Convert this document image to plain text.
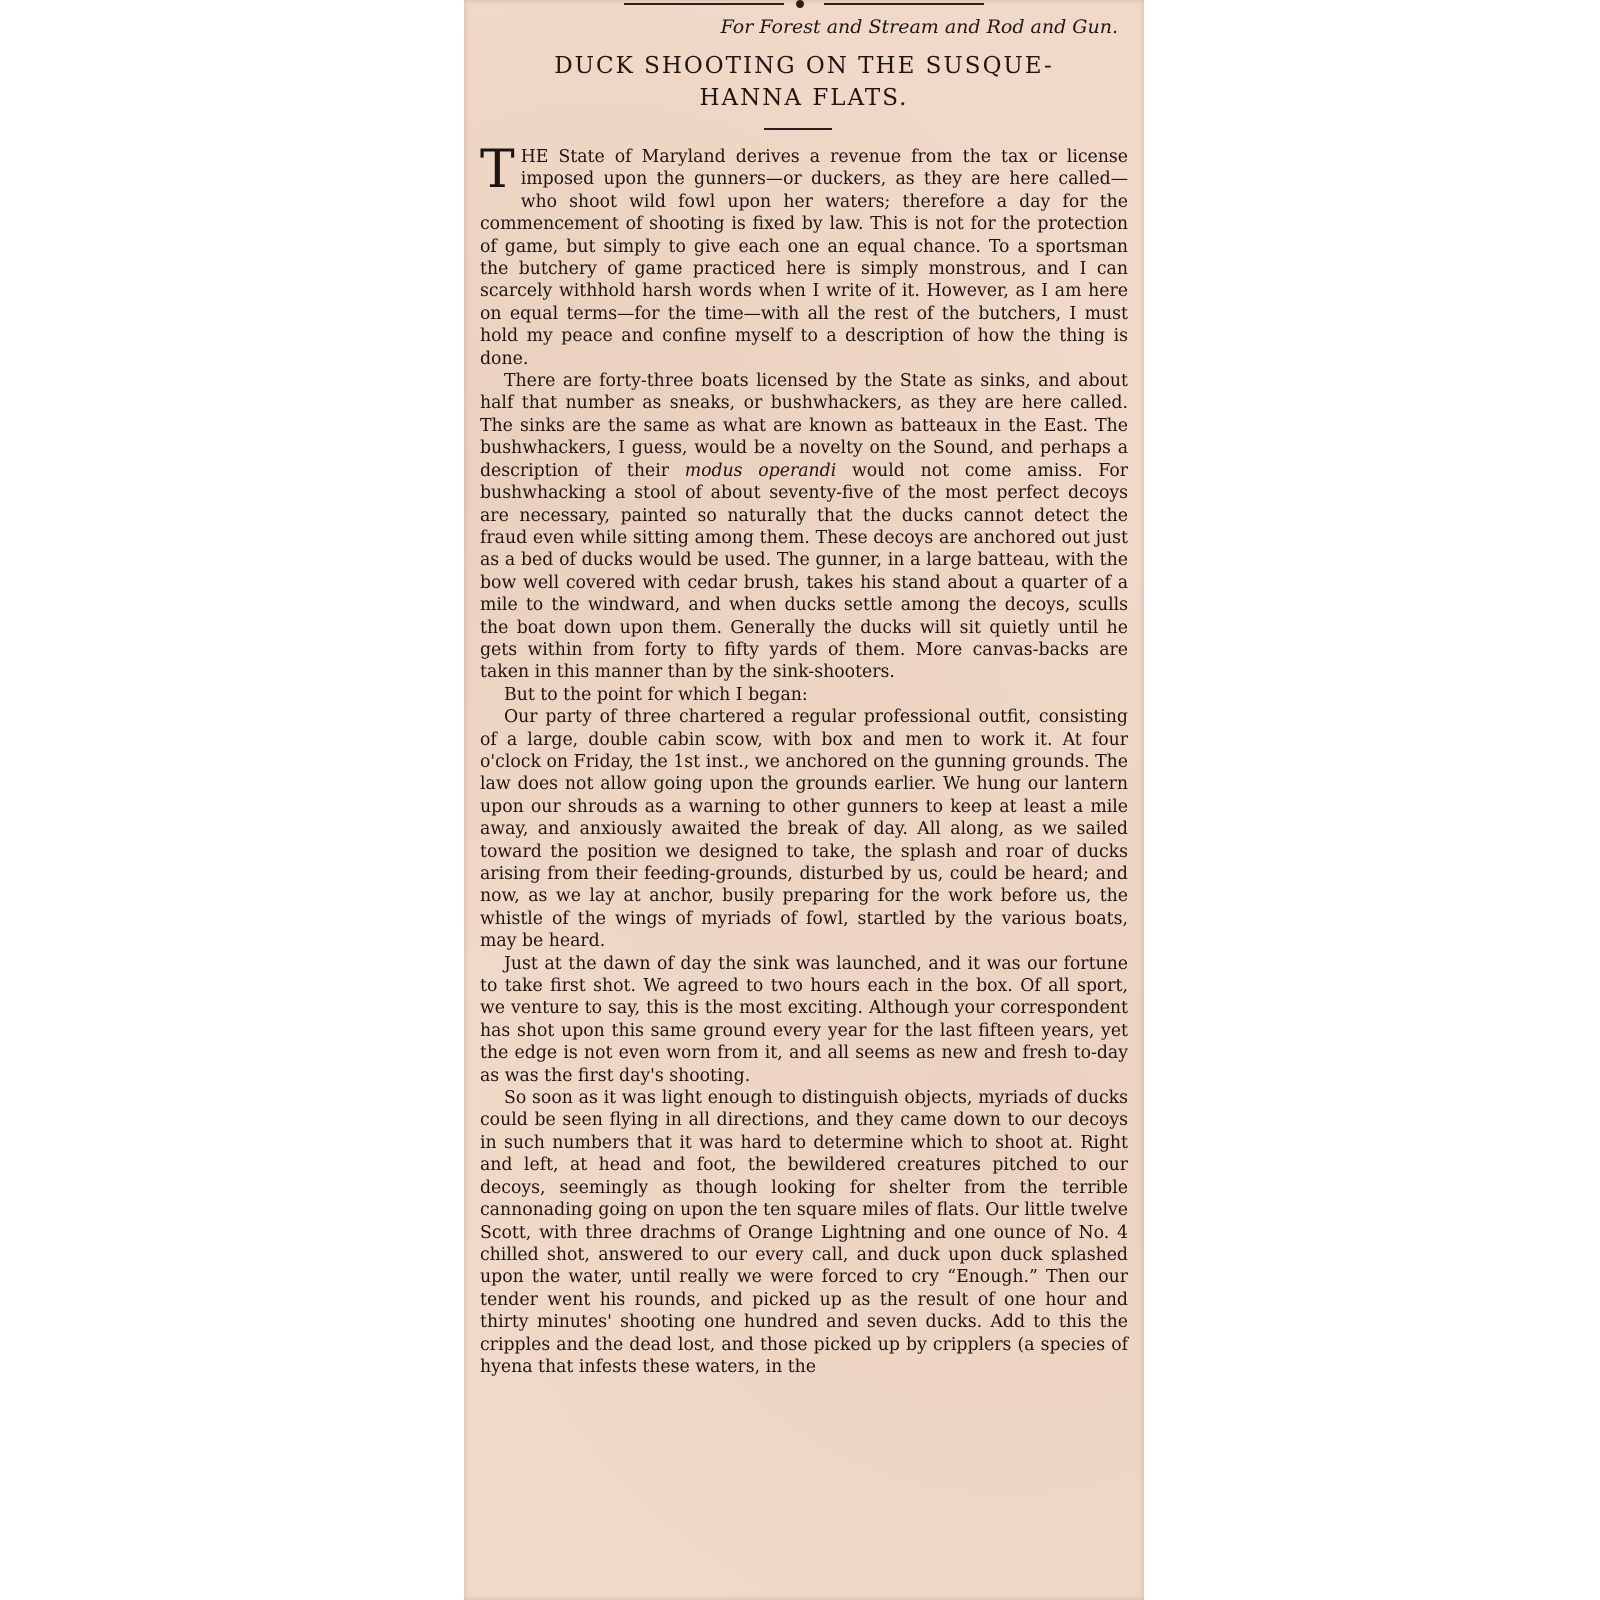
For Forest and Stream and Rod and Gun.

DUCK SHOOTING ON THE SUSQUE-
HANNA FLATS.

THE State of Maryland derives a revenue from the tax or license imposed upon the gunners—or duckers, as they are here called—who shoot wild fowl upon her waters; therefore a day for the commencement of shooting is fixed by law. This is not for the protection of game, but simply to give each one an equal chance. To a sportsman the butchery of game practiced here is simply monstrous, and I can scarcely withhold harsh words when I write of it. However, as I am here on equal terms—for the time—with all the rest of the butchers, I must hold my peace and confine myself to a description of how the thing is done.

There are forty-three boats licensed by the State as sinks, and about half that number as sneaks, or bushwhackers, as they are here called. The sinks are the same as what are known as batteaux in the East. The bushwhackers, I guess, would be a novelty on the Sound, and perhaps a description of their modus operandi would not come amiss. For bushwhacking a stool of about seventy-five of the most perfect decoys are necessary, painted so naturally that the ducks cannot detect the fraud even while sitting among them. These decoys are anchored out just as a bed of ducks would be used. The gunner, in a large batteau, with the bow well covered with cedar brush, takes his stand about a quarter of a mile to the windward, and when ducks settle among the decoys, sculls the boat down upon them. Generally the ducks will sit quietly until he gets within from forty to fifty yards of them. More canvas-backs are taken in this manner than by the sink-shooters.

But to the point for which I began:

Our party of three chartered a regular professional outfit, consisting of a large, double cabin scow, with box and men to work it. At four o'clock on Friday, the 1st inst., we anchored on the gunning grounds. The law does not allow going upon the grounds earlier. We hung our lantern upon our shrouds as a warning to other gunners to keep at least a mile away, and anxiously awaited the break of day. All along, as we sailed toward the position we designed to take, the splash and roar of ducks arising from their feeding-grounds, disturbed by us, could be heard; and now, as we lay at anchor, busily preparing for the work before us, the whistle of the wings of myriads of fowl, startled by the various boats, may be heard.

Just at the dawn of day the sink was launched, and it was our fortune to take first shot. We agreed to two hours each in the box. Of all sport, we venture to say, this is the most exciting. Although your correspondent has shot upon this same ground every year for the last fifteen years, yet the edge is not even worn from it, and all seems as new and fresh to-day as was the first day's shooting.

So soon as it was light enough to distinguish objects, myriads of ducks could be seen flying in all directions, and they came down to our decoys in such numbers that it was hard to determine which to shoot at. Right and left, at head and foot, the bewildered creatures pitched to our decoys, seemingly as though looking for shelter from the terrible cannonading going on upon the ten square miles of flats. Our little twelve Scott, with three drachms of Orange Lightning and one ounce of No. 4 chilled shot, answered to our every call, and duck upon duck splashed upon the water, until really we were forced to cry “Enough.” Then our tender went his rounds, and picked up as the result of one hour and thirty minutes' shooting one hundred and seven ducks. Add to this the cripples and the dead lost, and those picked up by cripplers (a species of hyena that infests these waters, in the
